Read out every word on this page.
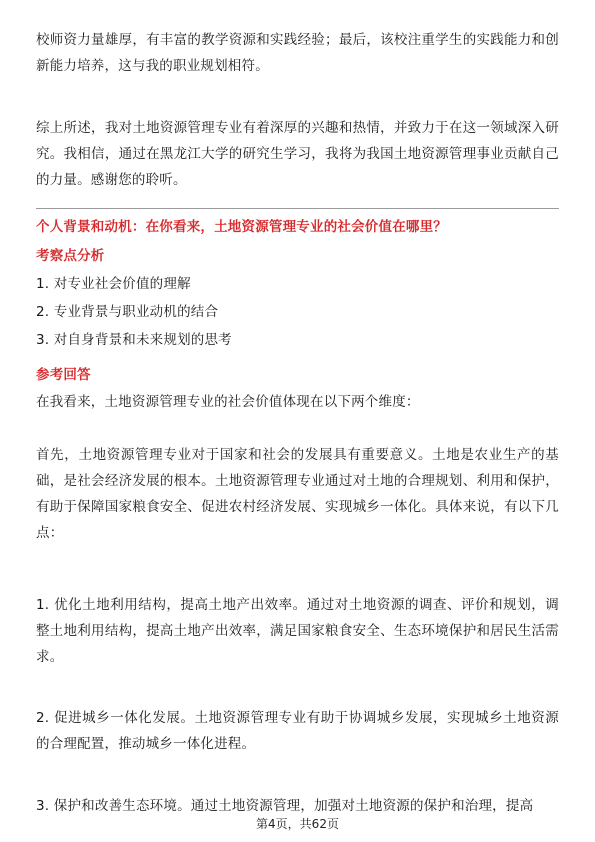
校师资力量雄厚，有丰富的教学资源和实践经验；最后，该校注重学生的实践能力和创新能力培养，这与我的职业规划相符。

综上所述，我对土地资源管理专业有着深厚的兴趣和热情，并致力于在这一领域深入研究。我相信，通过在黑龙江大学的研究生学习，我将为我国土地资源管理事业贡献自己的力量。感谢您的聆听。

个人背景和动机：在你看来，土地资源管理专业的社会价值在哪里？

考察点分析

1. 对专业社会价值的理解

2. 专业背景与职业动机的结合

3. 对自身背景和未来规划的思考

参考回答

在我看来，土地资源管理专业的社会价值体现在以下两个维度：

首先，土地资源管理专业对于国家和社会的发展具有重要意义。土地是农业生产的基础，是社会经济发展的根本。土地资源管理专业通过对土地的合理规划、利用和保护，有助于保障国家粮食安全、促进农村经济发展、实现城乡一体化。具体来说，有以下几点：

1. 优化土地利用结构，提高土地产出效率。通过对土地资源的调查、评价和规划，调整土地利用结构，提高土地产出效率，满足国家粮食安全、生态环境保护和居民生活需求。

2. 促进城乡一体化发展。土地资源管理专业有助于协调城乡发展，实现城乡土地资源的合理配置，推动城乡一体化进程。

3. 保护和改善生态环境。通过土地资源管理，加强对土地资源的保护和治理，提高

第4页，共62页
